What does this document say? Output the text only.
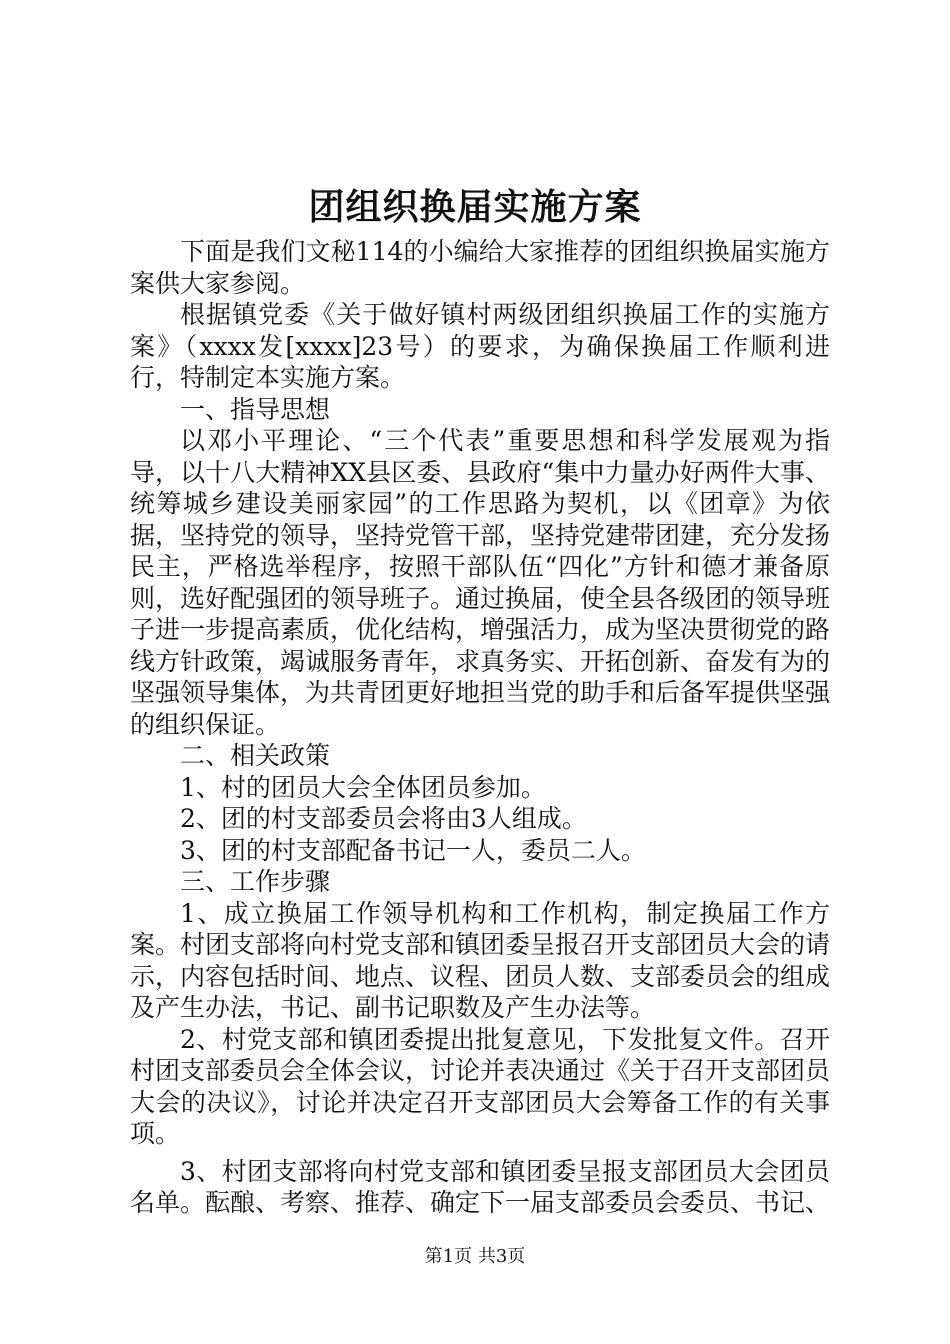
团组织换届实施方案

下面是我们文秘114的小编给大家推荐的团组织换届实施方案供大家参阅。

根据镇党委《关于做好镇村两级团组织换届工作的实施方案》（xxxx发[xxxx]23号）的要求，为确保换届工作顺利进行，特制定本实施方案。

一、指导思想

以邓小平理论、“三个代表”重要思想和科学发展观为指导，以十八大精神XX县区委、县政府“集中力量办好两件大事、统筹城乡建设美丽家园”的工作思路为契机，以《团章》为依据，坚持党的领导，坚持党管干部，坚持党建带团建，充分发扬民主，严格选举程序，按照干部队伍“四化”方针和德才兼备原则，选好配强团的领导班子。通过换届，使全县各级团的领导班子进一步提高素质，优化结构，增强活力，成为坚决贯彻党的路线方针政策，竭诚服务青年，求真务实、开拓创新、奋发有为的坚强领导集体，为共青团更好地担当党的助手和后备军提供坚强的组织保证。

二、相关政策

1、村的团员大会全体团员参加。

2、团的村支部委员会将由3人组成。

3、团的村支部配备书记一人，委员二人。

三、工作步骤

1、成立换届工作领导机构和工作机构，制定换届工作方案。村团支部将向村党支部和镇团委呈报召开支部团员大会的请示，内容包括时间、地点、议程、团员人数、支部委员会的组成及产生办法，书记、副书记职数及产生办法等。

2、村党支部和镇团委提出批复意见，下发批复文件。召开村团支部委员会全体会议，讨论并表决通过《关于召开支部团员大会的决议》，讨论并决定召开支部团员大会筹备工作的有关事项。

3、村团支部将向村党支部和镇团委呈报支部团员大会团员名单。酝酿、考察、推荐、确定下一届支部委员会委员、书记、

第1页 共3页
